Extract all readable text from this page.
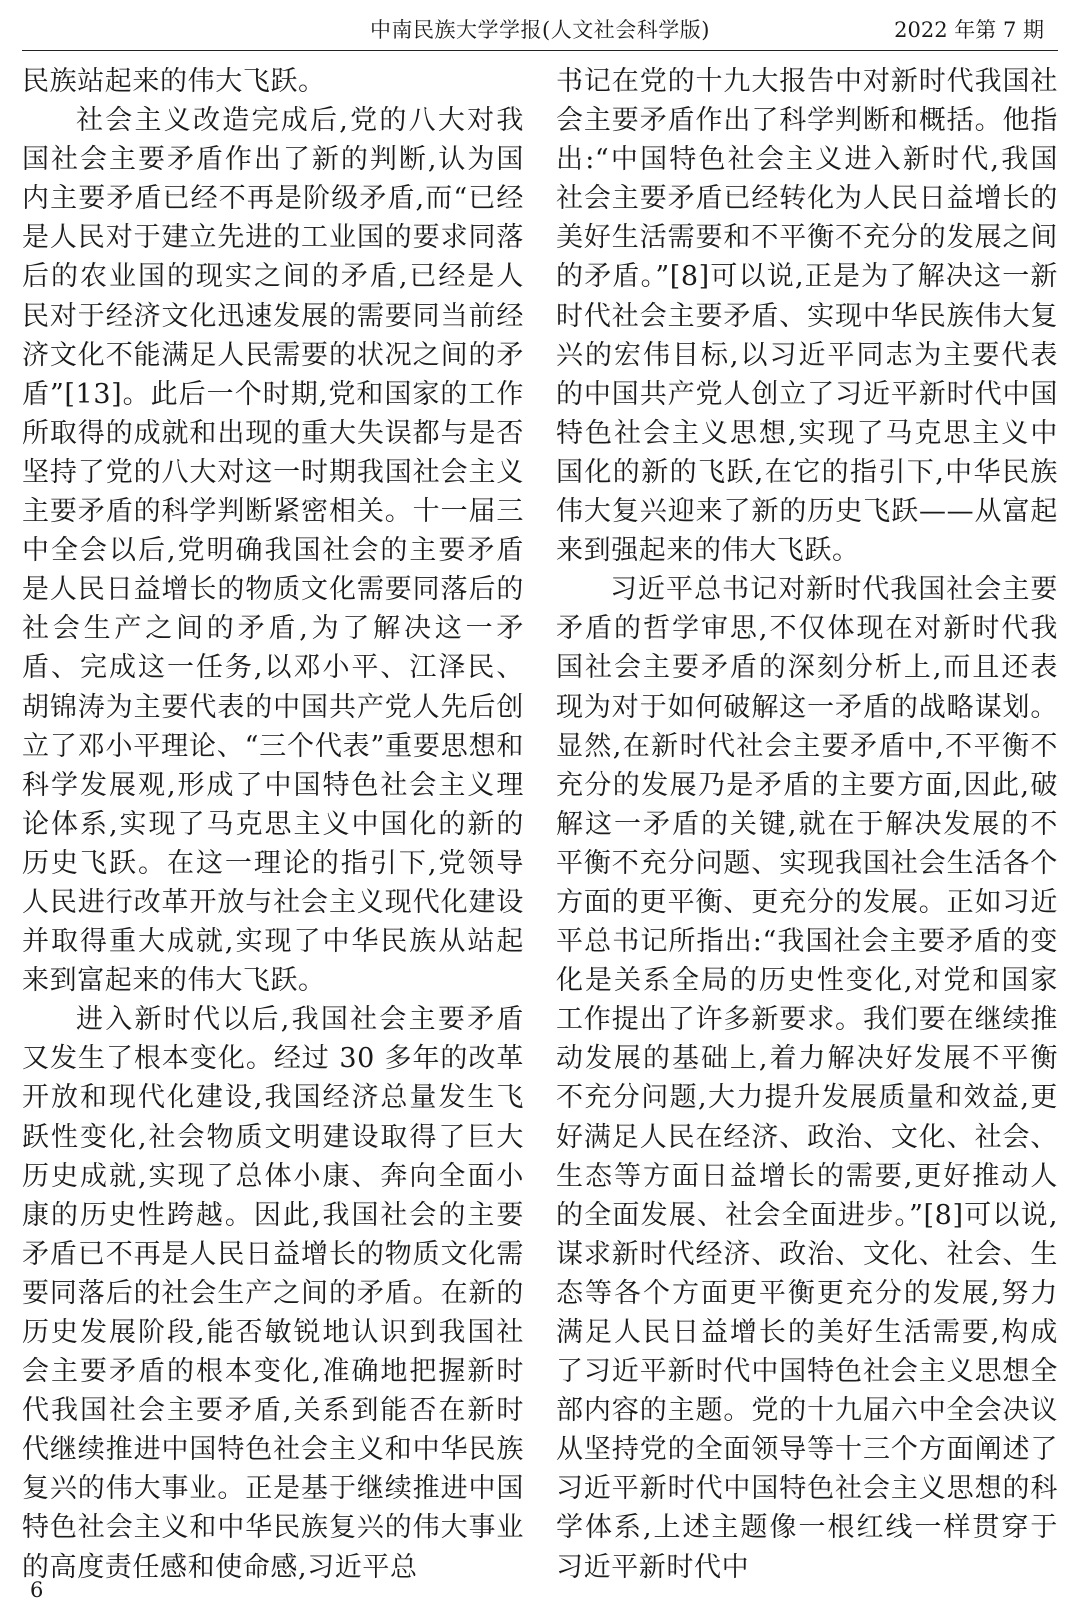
中南民族大学学报(人文社会科学版)	2022 年第 7 期

民族站起来的伟大飞跃。

社会主义改造完成后,党的八大对我国社会主要矛盾作出了新的判断,认为国内主要矛盾已经不再是阶级矛盾,而“已经是人民对于建立先进的工业国的要求同落后的农业国的现实之间的矛盾,已经是人民对于经济文化迅速发展的需要同当前经济文化不能满足人民需要的状况之间的矛盾”[13]。此后一个时期,党和国家的工作所取得的成就和出现的重大失误都与是否坚持了党的八大对这一时期我国社会主义主要矛盾的科学判断紧密相关。十一届三中全会以后,党明确我国社会的主要矛盾是人民日益增长的物质文化需要同落后的社会生产之间的矛盾,为了解决这一矛盾、完成这一任务,以邓小平、江泽民、胡锦涛为主要代表的中国共产党人先后创立了邓小平理论、“三个代表”重要思想和科学发展观,形成了中国特色社会主义理论体系,实现了马克思主义中国化的新的历史飞跃。在这一理论的指引下,党领导人民进行改革开放与社会主义现代化建设并取得重大成就,实现了中华民族从站起来到富起来的伟大飞跃。

进入新时代以后,我国社会主要矛盾又发生了根本变化。经过 30 多年的改革开放和现代化建设,我国经济总量发生飞跃性变化,社会物质文明建设取得了巨大历史成就,实现了总体小康、奔向全面小康的历史性跨越。因此,我国社会的主要矛盾已不再是人民日益增长的物质文化需要同落后的社会生产之间的矛盾。在新的历史发展阶段,能否敏锐地认识到我国社会主要矛盾的根本变化,准确地把握新时代我国社会主要矛盾,关系到能否在新时代继续推进中国特色社会主义和中华民族复兴的伟大事业。正是基于继续推进中国特色社会主义和中华民族复兴的伟大事业的高度责任感和使命感,习近平总

书记在党的十九大报告中对新时代我国社会主要矛盾作出了科学判断和概括。他指出:“中国特色社会主义进入新时代,我国社会主要矛盾已经转化为人民日益增长的美好生活需要和不平衡不充分的发展之间的矛盾。”[8]可以说,正是为了解决这一新时代社会主要矛盾、实现中华民族伟大复兴的宏伟目标,以习近平同志为主要代表的中国共产党人创立了习近平新时代中国特色社会主义思想,实现了马克思主义中国化的新的飞跃,在它的指引下,中华民族伟大复兴迎来了新的历史飞跃——从富起来到强起来的伟大飞跃。

习近平总书记对新时代我国社会主要矛盾的哲学审思,不仅体现在对新时代我国社会主要矛盾的深刻分析上,而且还表现为对于如何破解这一矛盾的战略谋划。显然,在新时代社会主要矛盾中,不平衡不充分的发展乃是矛盾的主要方面,因此,破解这一矛盾的关键,就在于解决发展的不平衡不充分问题、实现我国社会生活各个方面的更平衡、更充分的发展。正如习近平总书记所指出:“我国社会主要矛盾的变化是关系全局的历史性变化,对党和国家工作提出了许多新要求。我们要在继续推动发展的基础上,着力解决好发展不平衡不充分问题,大力提升发展质量和效益,更好满足人民在经济、政治、文化、社会、生态等方面日益增长的需要,更好推动人的全面发展、社会全面进步。”[8]可以说,谋求新时代经济、政治、文化、社会、生态等各个方面更平衡更充分的发展,努力满足人民日益增长的美好生活需要,构成了习近平新时代中国特色社会主义思想全部内容的主题。党的十九届六中全会决议从坚持党的全面领导等十三个方面阐述了习近平新时代中国特色社会主义思想的科学体系,上述主题像一根红线一样贯穿于习近平新时代中

6
